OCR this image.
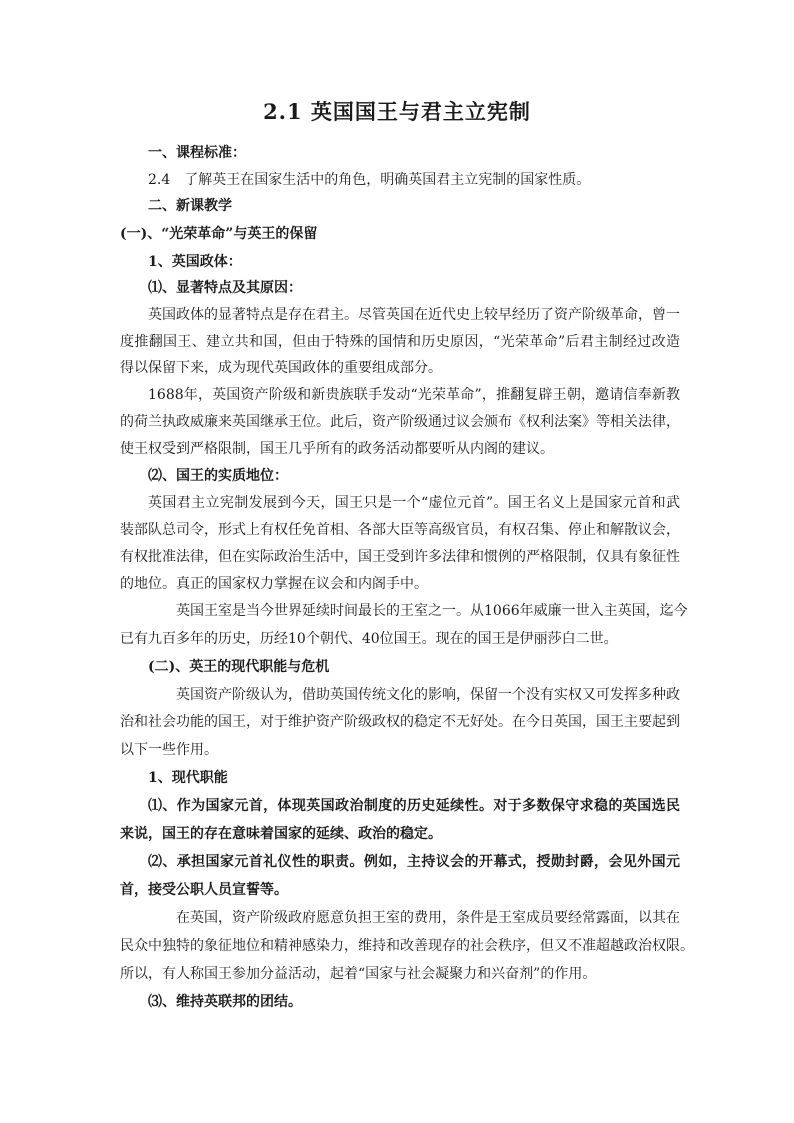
2.1 英国国王与君主立宪制
一、课程标准：
2.4　了解英王在国家生活中的角色，明确英国君主立宪制的国家性质。
二、新课教学
(一)、“光荣革命”与英王的保留
1、英国政体：
⑴、显著特点及其原因：
英国政体的显著特点是存在君主。尽管英国在近代史上较早经历了资产阶级革命，曾一
度推翻国王、建立共和国，但由于特殊的国情和历史原因，“光荣革命”后君主制经过改造
得以保留下来，成为现代英国政体的重要组成部分。
1688年，英国资产阶级和新贵族联手发动“光荣革命”，推翻复辟王朝，邀请信奉新教
的荷兰执政威廉来英国继承王位。此后，资产阶级通过议会颁布《权利法案》等相关法律，
使王权受到严格限制，国王几乎所有的政务活动都要听从内阁的建议。
⑵、国王的实质地位：
英国君主立宪制发展到今天，国王只是一个“虚位元首”。国王名义上是国家元首和武
装部队总司令，形式上有权任免首相、各部大臣等高级官员，有权召集、停止和解散议会，
有权批准法律，但在实际政治生活中，国王受到许多法律和惯例的严格限制，仅具有象征性
的地位。真正的国家权力掌握在议会和内阁手中。
英国王室是当今世界延续时间最长的王室之一。从1066年威廉一世入主英国，迄今
已有九百多年的历史，历经10个朝代、40位国王。现在的国王是伊丽莎白二世。
(二)、英王的现代职能与危机
英国资产阶级认为，借助英国传统文化的影响，保留一个没有实权又可发挥多种政
治和社会功能的国王，对于维护资产阶级政权的稳定不无好处。在今日英国，国王主要起到
以下一些作用。
1、现代职能
⑴、作为国家元首，体现英国政治制度的历史延续性。对于多数保守求稳的英国选民
来说，国王的存在意味着国家的延续、政治的稳定。
⑵、承担国家元首礼仪性的职责。例如，主持议会的开幕式，授勋封爵，会见外国元
首，接受公职人员宣誓等。
在英国，资产阶级政府愿意负担王室的费用，条件是王室成员要经常露面，以其在
民众中独特的象征地位和精神感染力，维持和改善现存的社会秩序，但又不准超越政治权限。
所以，有人称国王参加分益活动，起着“国家与社会凝聚力和兴奋剂”的作用。
⑶、维持英联邦的团结。
